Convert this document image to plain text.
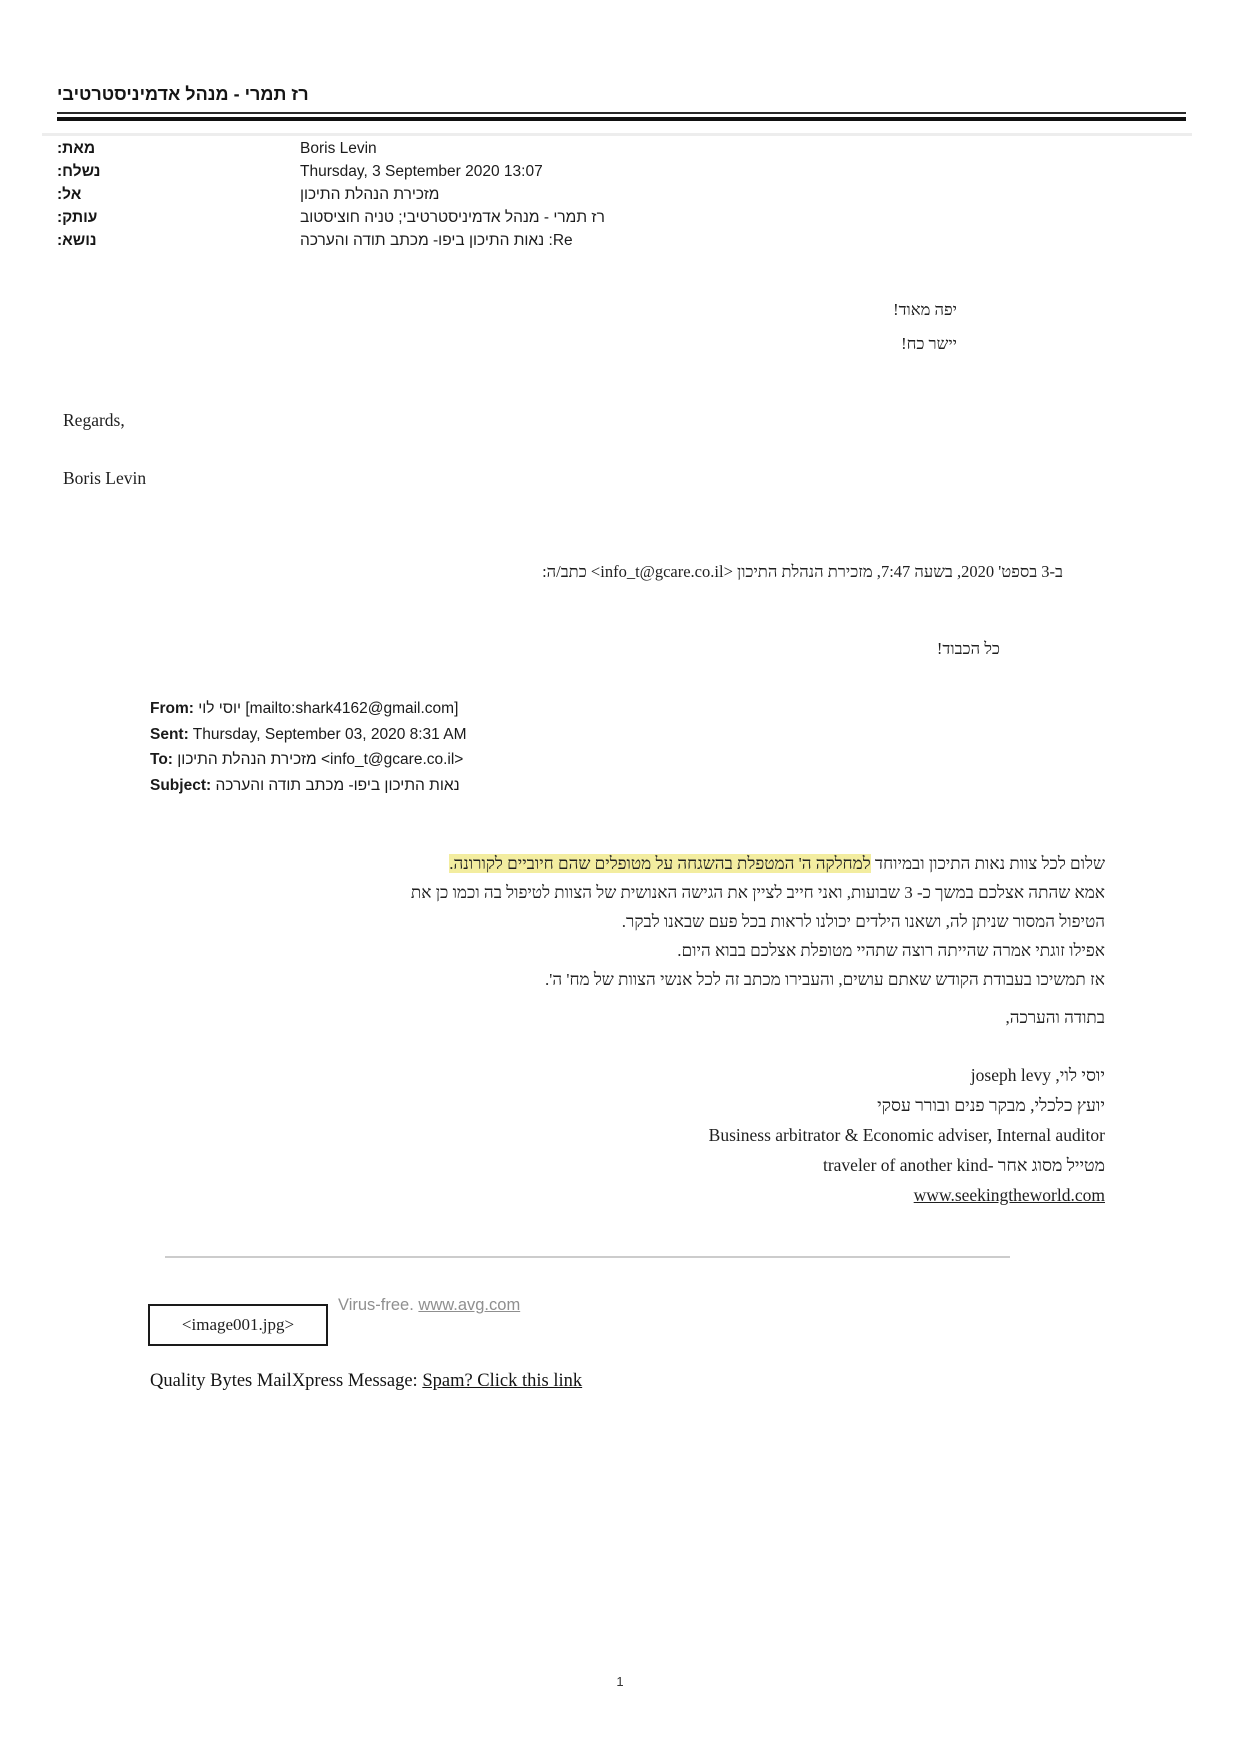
רז תמרי - מנהל אדמיניסטרטיבי
מאת:	Boris Levin
נשלח:	Thursday, 3 September 2020 13:07
אל:	מזכירת הנהלת התיכון
עותק:	רז תמרי - מנהל אדמיניסטרטיבי; טניה חוציסטוב
נושא:	Re: נאות התיכון ביפו- מכתב תודה והערכה
יפה מאוד!
יישר כח!
Regards,
Boris Levin
ב-3 בספט' 2020, בשעה 7:47, מזכירת הנהלת התיכון <info_t@gcare.co.il> כתב/ה:
כל הכבוד!
From: יוסי לוי [mailto:shark4162@gmail.com]
Sent: Thursday, September 03, 2020 8:31 AM
To: מזכירת הנהלת התיכון <info_t@gcare.co.il>
Subject: נאות התיכון ביפו- מכתב תודה והערכה
שלום לכל צוות נאות התיכון ובמיוחד למחלקה ה' המטפלת בהשגחה על מטופלים שהם חיוביים לקורונה.
אמא שהתה אצלכם במשך כ- 3 שבועות, ואני חייב לציין את הגישה האנושית של הצוות לטיפול בה וכמו כן את
הטיפול המסור שניתן לה, ושאנו הילדים יכולנו לראות בכל פעם שבאנו לבקר.
אפילו זוגתי אמרה שהייתה רוצה שתהיי מטופלת אצלכם בבוא היום.
אז תמשיכו בעבודת הקודש שאתם עושים, והעבירו מכתב זה לכל אנשי הצוות של מח' ה'.
בתודה והערכה,
יוסי לוי, joseph levy
יועץ כלכלי, מבקר פנים ובורר עסקי
Business arbitrator & Economic adviser, Internal auditor
traveler of another kind- מטייל מסוג אחר
www.seekingtheworld.com
<image001.jpg>
Virus-free. www.avg.com
Quality Bytes MailXpress Message: Spam? Click this link
1
